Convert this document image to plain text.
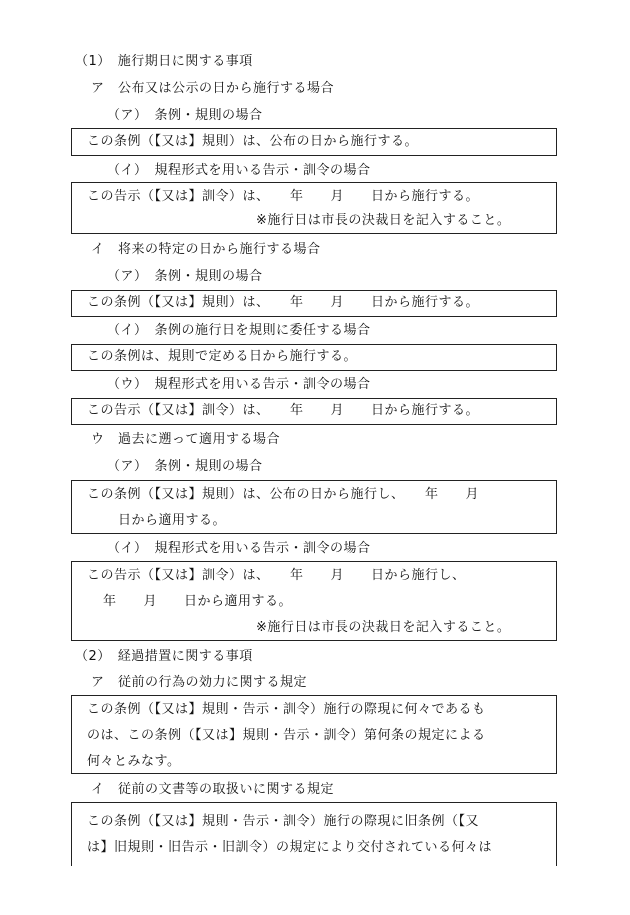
（1）　施行期日に関する事項
ア　公布又は公示の日から施行する場合
（ア）　条例・規則の場合
この条例（【又は】規則）は、公布の日から施行する。
（イ）　規程形式を用いる告示・訓令の場合
この告示（【又は】訓令）は、　　年　　月　　日から施行する。
※施行日は市長の決裁日を記入すること。
イ　将来の特定の日から施行する場合
（ア）　条例・規則の場合
この条例（【又は】規則）は、　　年　　月　　日から施行する。
（イ）　条例の施行日を規則に委任する場合
この条例は、規則で定める日から施行する。
（ウ）　規程形式を用いる告示・訓令の場合
この告示（【又は】訓令）は、　　年　　月　　日から施行する。
ウ　過去に遡って適用する場合
（ア）　条例・規則の場合
この条例（【又は】規則）は、公布の日から施行し、　　年　　月
日から適用する。
（イ）　規程形式を用いる告示・訓令の場合
この告示（【又は】訓令）は、　　年　　月　　日から施行し、
年　　月　　日から適用する。
※施行日は市長の決裁日を記入すること。
（2）　経過措置に関する事項
ア　従前の行為の効力に関する規定
この条例（【又は】規則・告示・訓令）施行の際現に何々であるも
のは、この条例（【又は】規則・告示・訓令）第何条の規定による
何々とみなす。
イ　従前の文書等の取扱いに関する規定
この条例（【又は】規則・告示・訓令）施行の際現に旧条例（【又
は】旧規則・旧告示・旧訓令）の規定により交付されている何々は
